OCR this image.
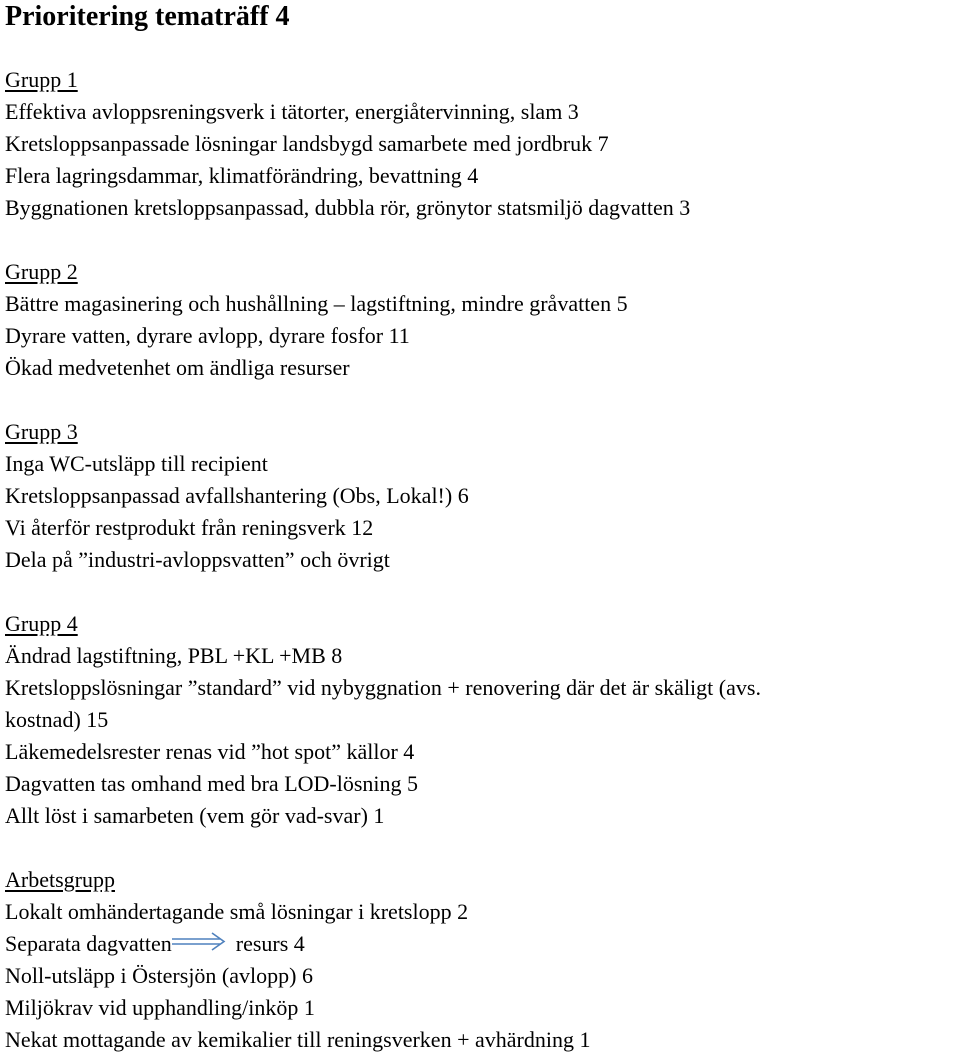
Prioritering tematräff 4
Grupp 1
Effektiva avloppsreningsverk i tätorter, energiåtervinning, slam 3
Kretsloppsanpassade lösningar landsbygd samarbete med jordbruk 7
Flera lagringsdammar, klimatförändring, bevattning 4
Byggnationen kretsloppsanpassad, dubbla rör, grönytor statsmiljö dagvatten 3
Grupp 2
Bättre magasinering och hushållning – lagstiftning, mindre gråvatten 5
Dyrare vatten, dyrare avlopp, dyrare fosfor 11
Ökad medvetenhet om ändliga resurser
Grupp 3
Inga WC-utsläpp till recipient
Kretsloppsanpassad avfallshantering (Obs, Lokal!) 6
Vi återför restprodukt från reningsverk 12
Dela på ”industri-avloppsvatten” och övrigt
Grupp 4
Ändrad lagstiftning, PBL +KL +MB 8
Kretsloppslösningar ”standard” vid nybyggnation + renovering där det är skäligt (avs.
kostnad) 15
Läkemedelsrester renas vid ”hot spot” källor 4
Dagvatten tas omhand med bra LOD-lösning 5
Allt löst i samarbeten (vem gör vad-svar) 1
Arbetsgrupp
Lokalt omhändertagande små lösningar i kretslopp 2
Separata dagvatten	resurs 4
Noll-utsläpp i Östersjön (avlopp) 6
Miljökrav vid upphandling/inköp 1
Nekat mottagande av kemikalier till reningsverken + avhärdning 1
